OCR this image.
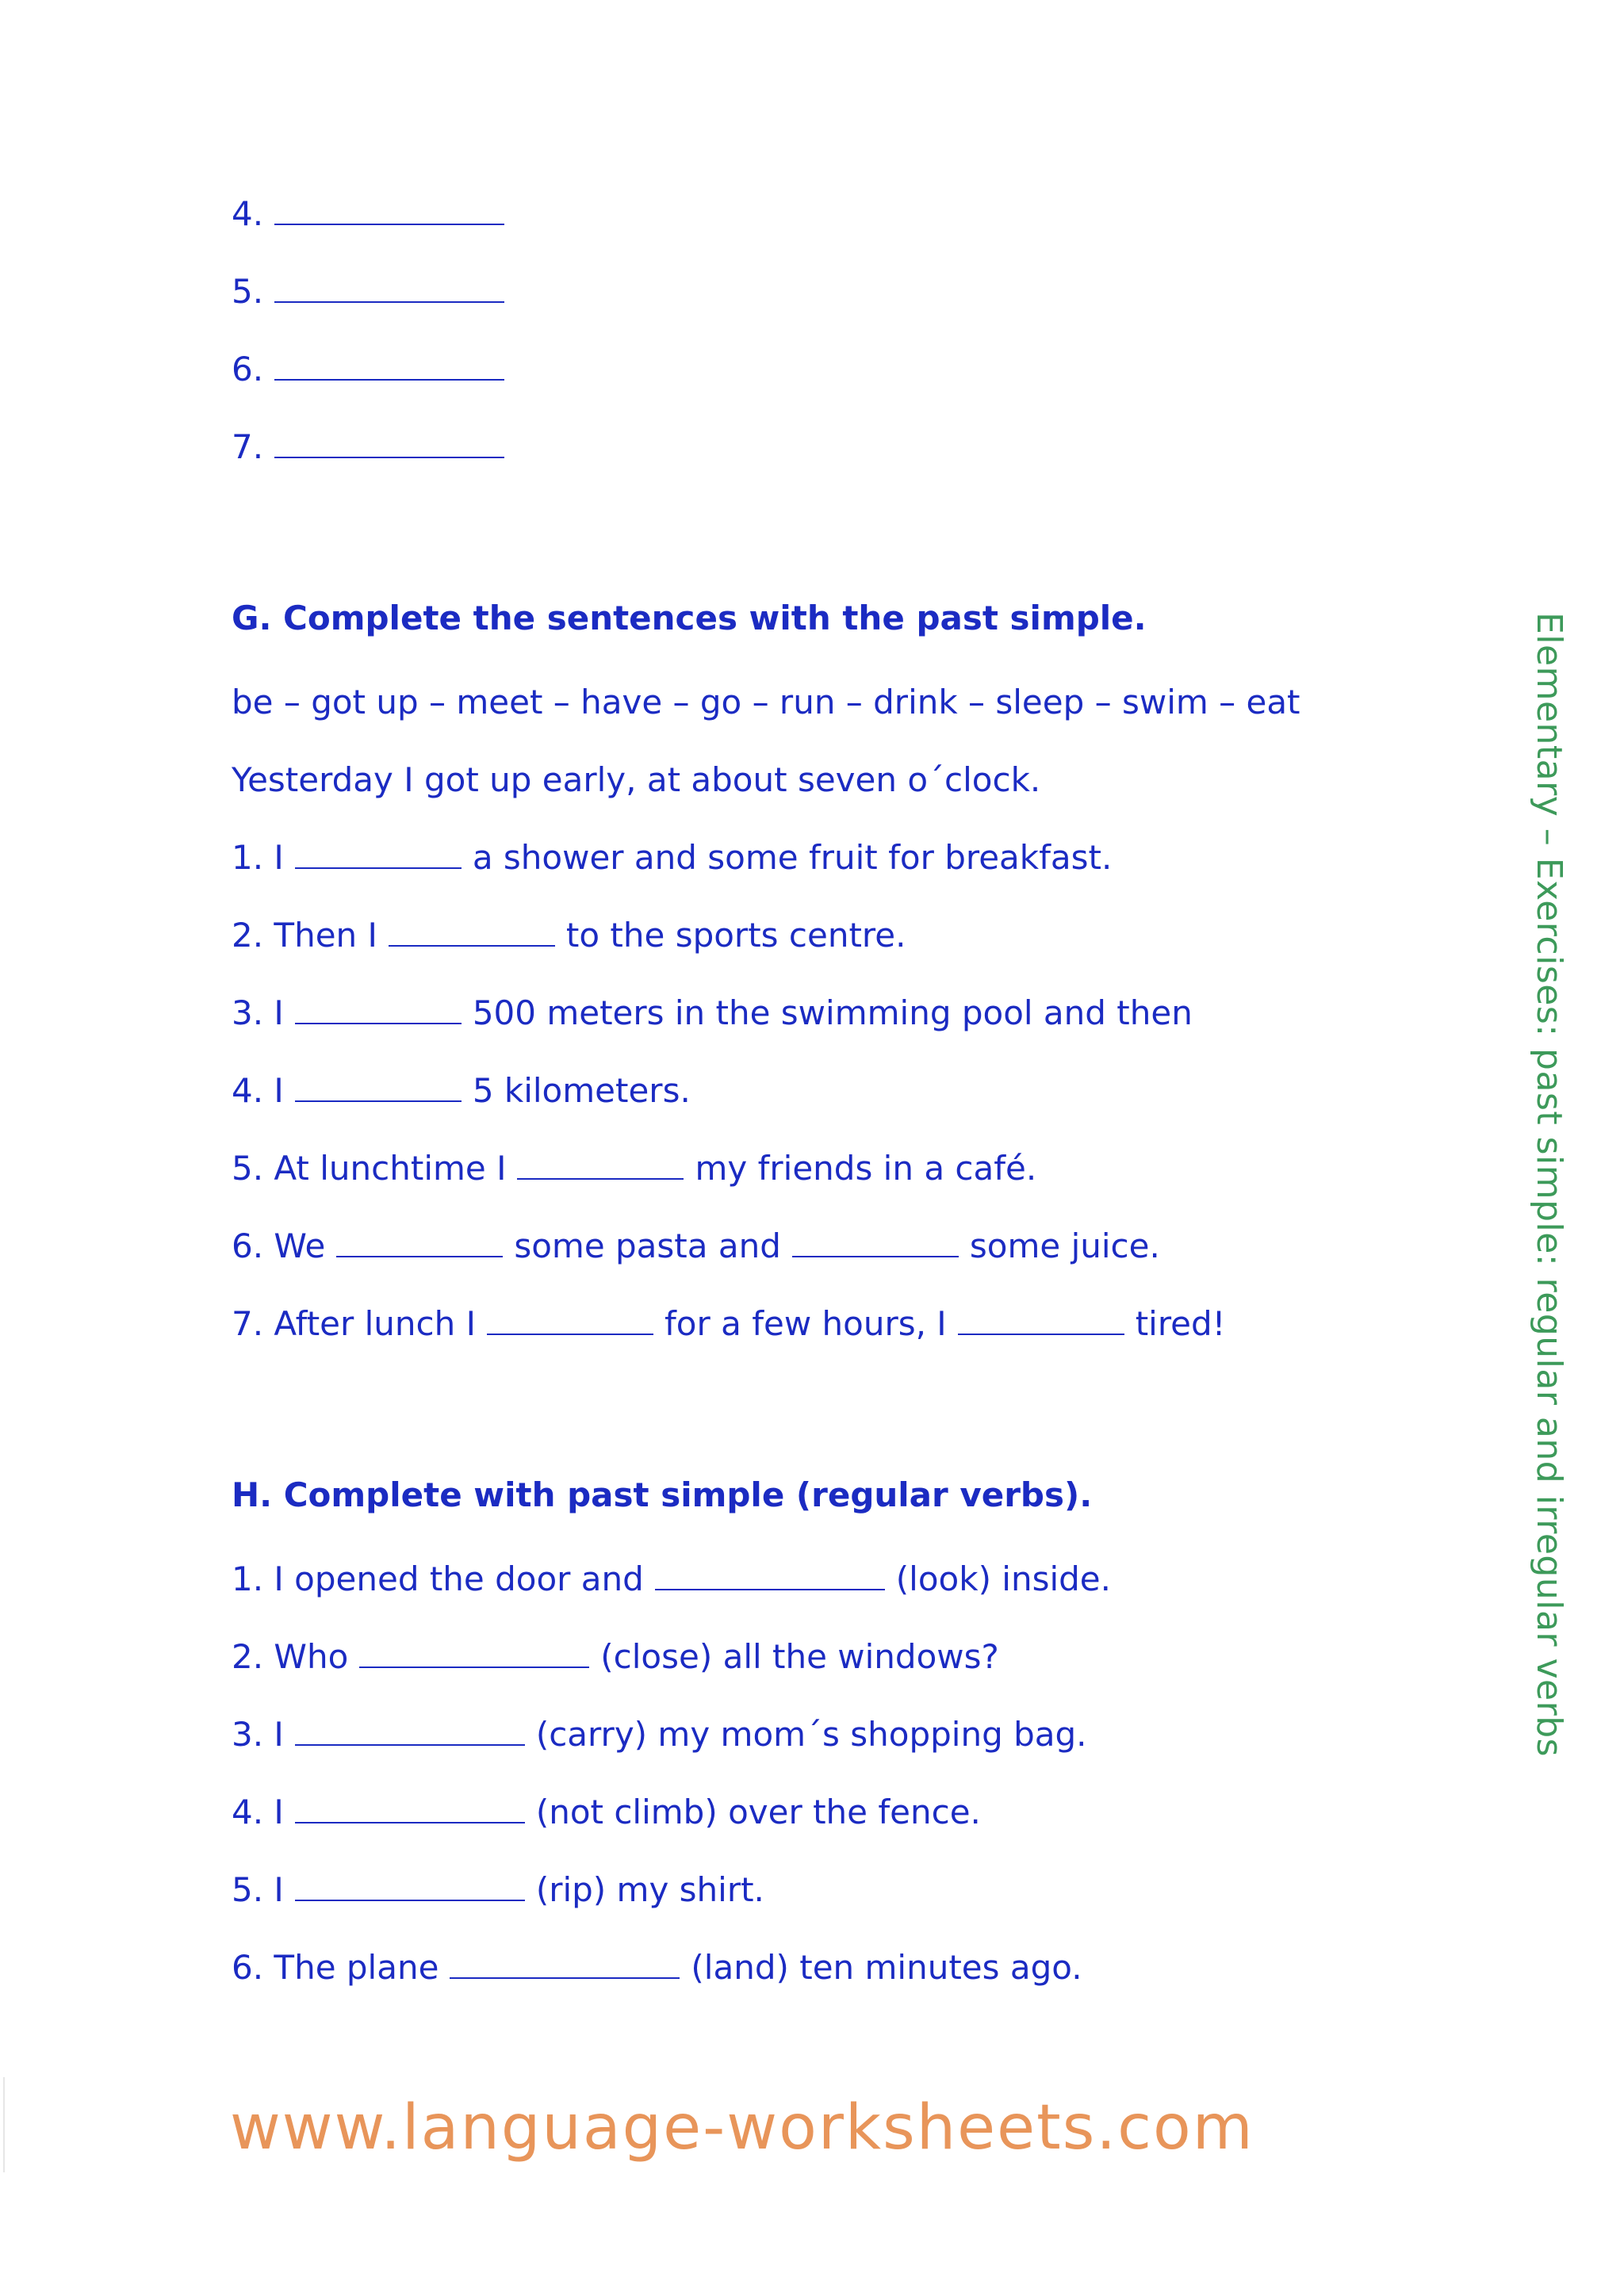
4.
5.
6.
7.
G. Complete the sentences with the past simple.
be – got up – meet – have – go – run – drink – sleep – swim – eat
Yesterday I got up early, at about seven o´clock.
1. I	a shower and some fruit for breakfast.
2. Then I	to the sports centre.
3. I	500 meters in the swimming pool and then
4. I	5 kilometers.
5. At lunchtime I	my friends in a café.
6. We	some pasta and	some juice.
7. After lunch I	for a few hours, I	tired!
H. Complete with past simple (regular verbs).
1. I opened the door and	(look) inside.
2. Who	(close) all the windows?
3. I	(carry) my mom´s shopping bag.
4. I	(not climb) over the fence.
5. I	(rip) my shirt.
6. The plane	(land) ten minutes ago.
Elementary – Exercises: past simple: regular and irregular verbs
www.language-worksheets.com
